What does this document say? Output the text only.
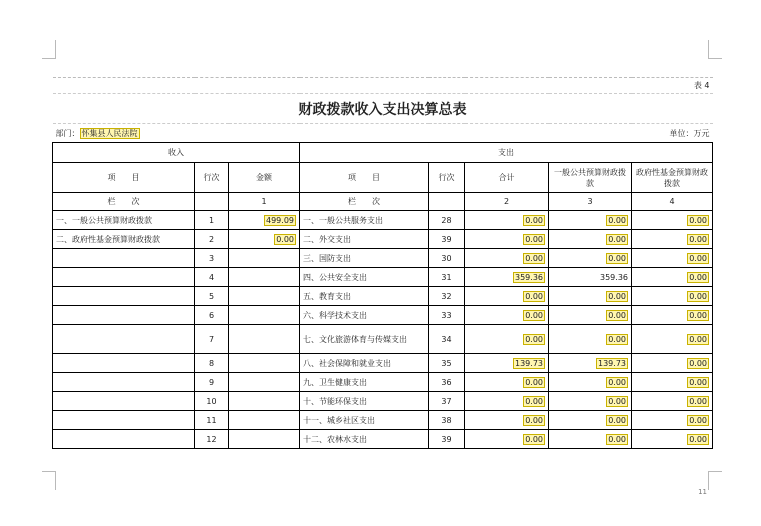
11
表 4							
财政拨款收入支出决算总表							
部门： 怀集县人民法院						单位：万元	
收入			支出				
项　　目	行次	金额	项　　目	行次	合计	一般公共预算财政拨款	政府性基金预算财政拨款
栏　　次		1	栏　　次		2	3	4
一、一般公共预算财政拨款	1	499.09	一、一般公共服务支出	28	0.00	0.00	0.00
二、政府性基金预算财政拨款	2	0.00	二、外交支出	39	0.00	0.00	0.00
	3		三、国防支出	30	0.00	0.00	0.00
	4		四、公共安全支出	31	359.36	359.36	0.00
	5		五、教育支出	32	0.00	0.00	0.00
	6		六、科学技术支出	33	0.00	0.00	0.00
	7		七、文化旅游体育与传媒支出	34	0.00	0.00	0.00
	8		八、社会保障和就业支出	35	139.73	139.73	0.00
	9		九、卫生健康支出	36	0.00	0.00	0.00
	10		十、节能环保支出	37	0.00	0.00	0.00
	11		十一、城乡社区支出	38	0.00	0.00	0.00
	12		十二、农林水支出	39	0.00	0.00	0.00
